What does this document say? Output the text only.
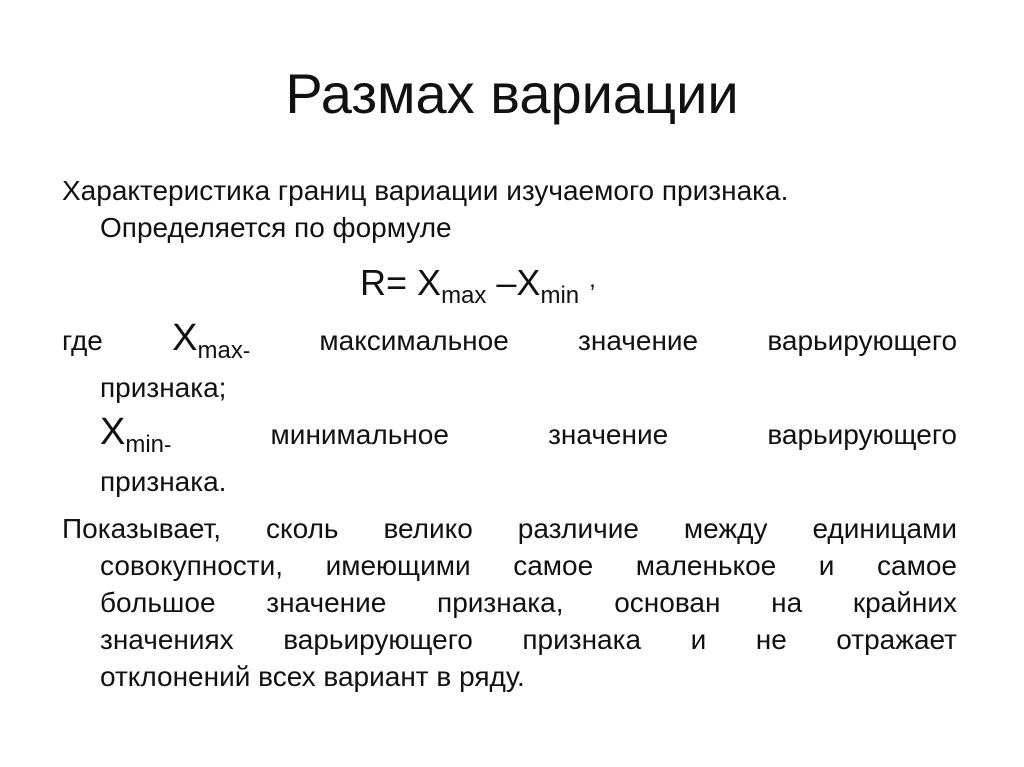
Размах вариации
Характеристика границ вариации изучаемого признака.
Определяется по формуле
$R= X_{max}$ $-X_{min}$ ,
где Xmax$_-$ максимальное значение варьирующего
признака;
Xmin$_-$	минимальное значение варьирующего
признака.
Показывает, сколь велико различие между единицами
совокупности, имеющими самое маленькое и самое
большое значение признака, основан на крайних
значениях варьирующего признака и не отражает
отклонений всех вариант в ряду.
